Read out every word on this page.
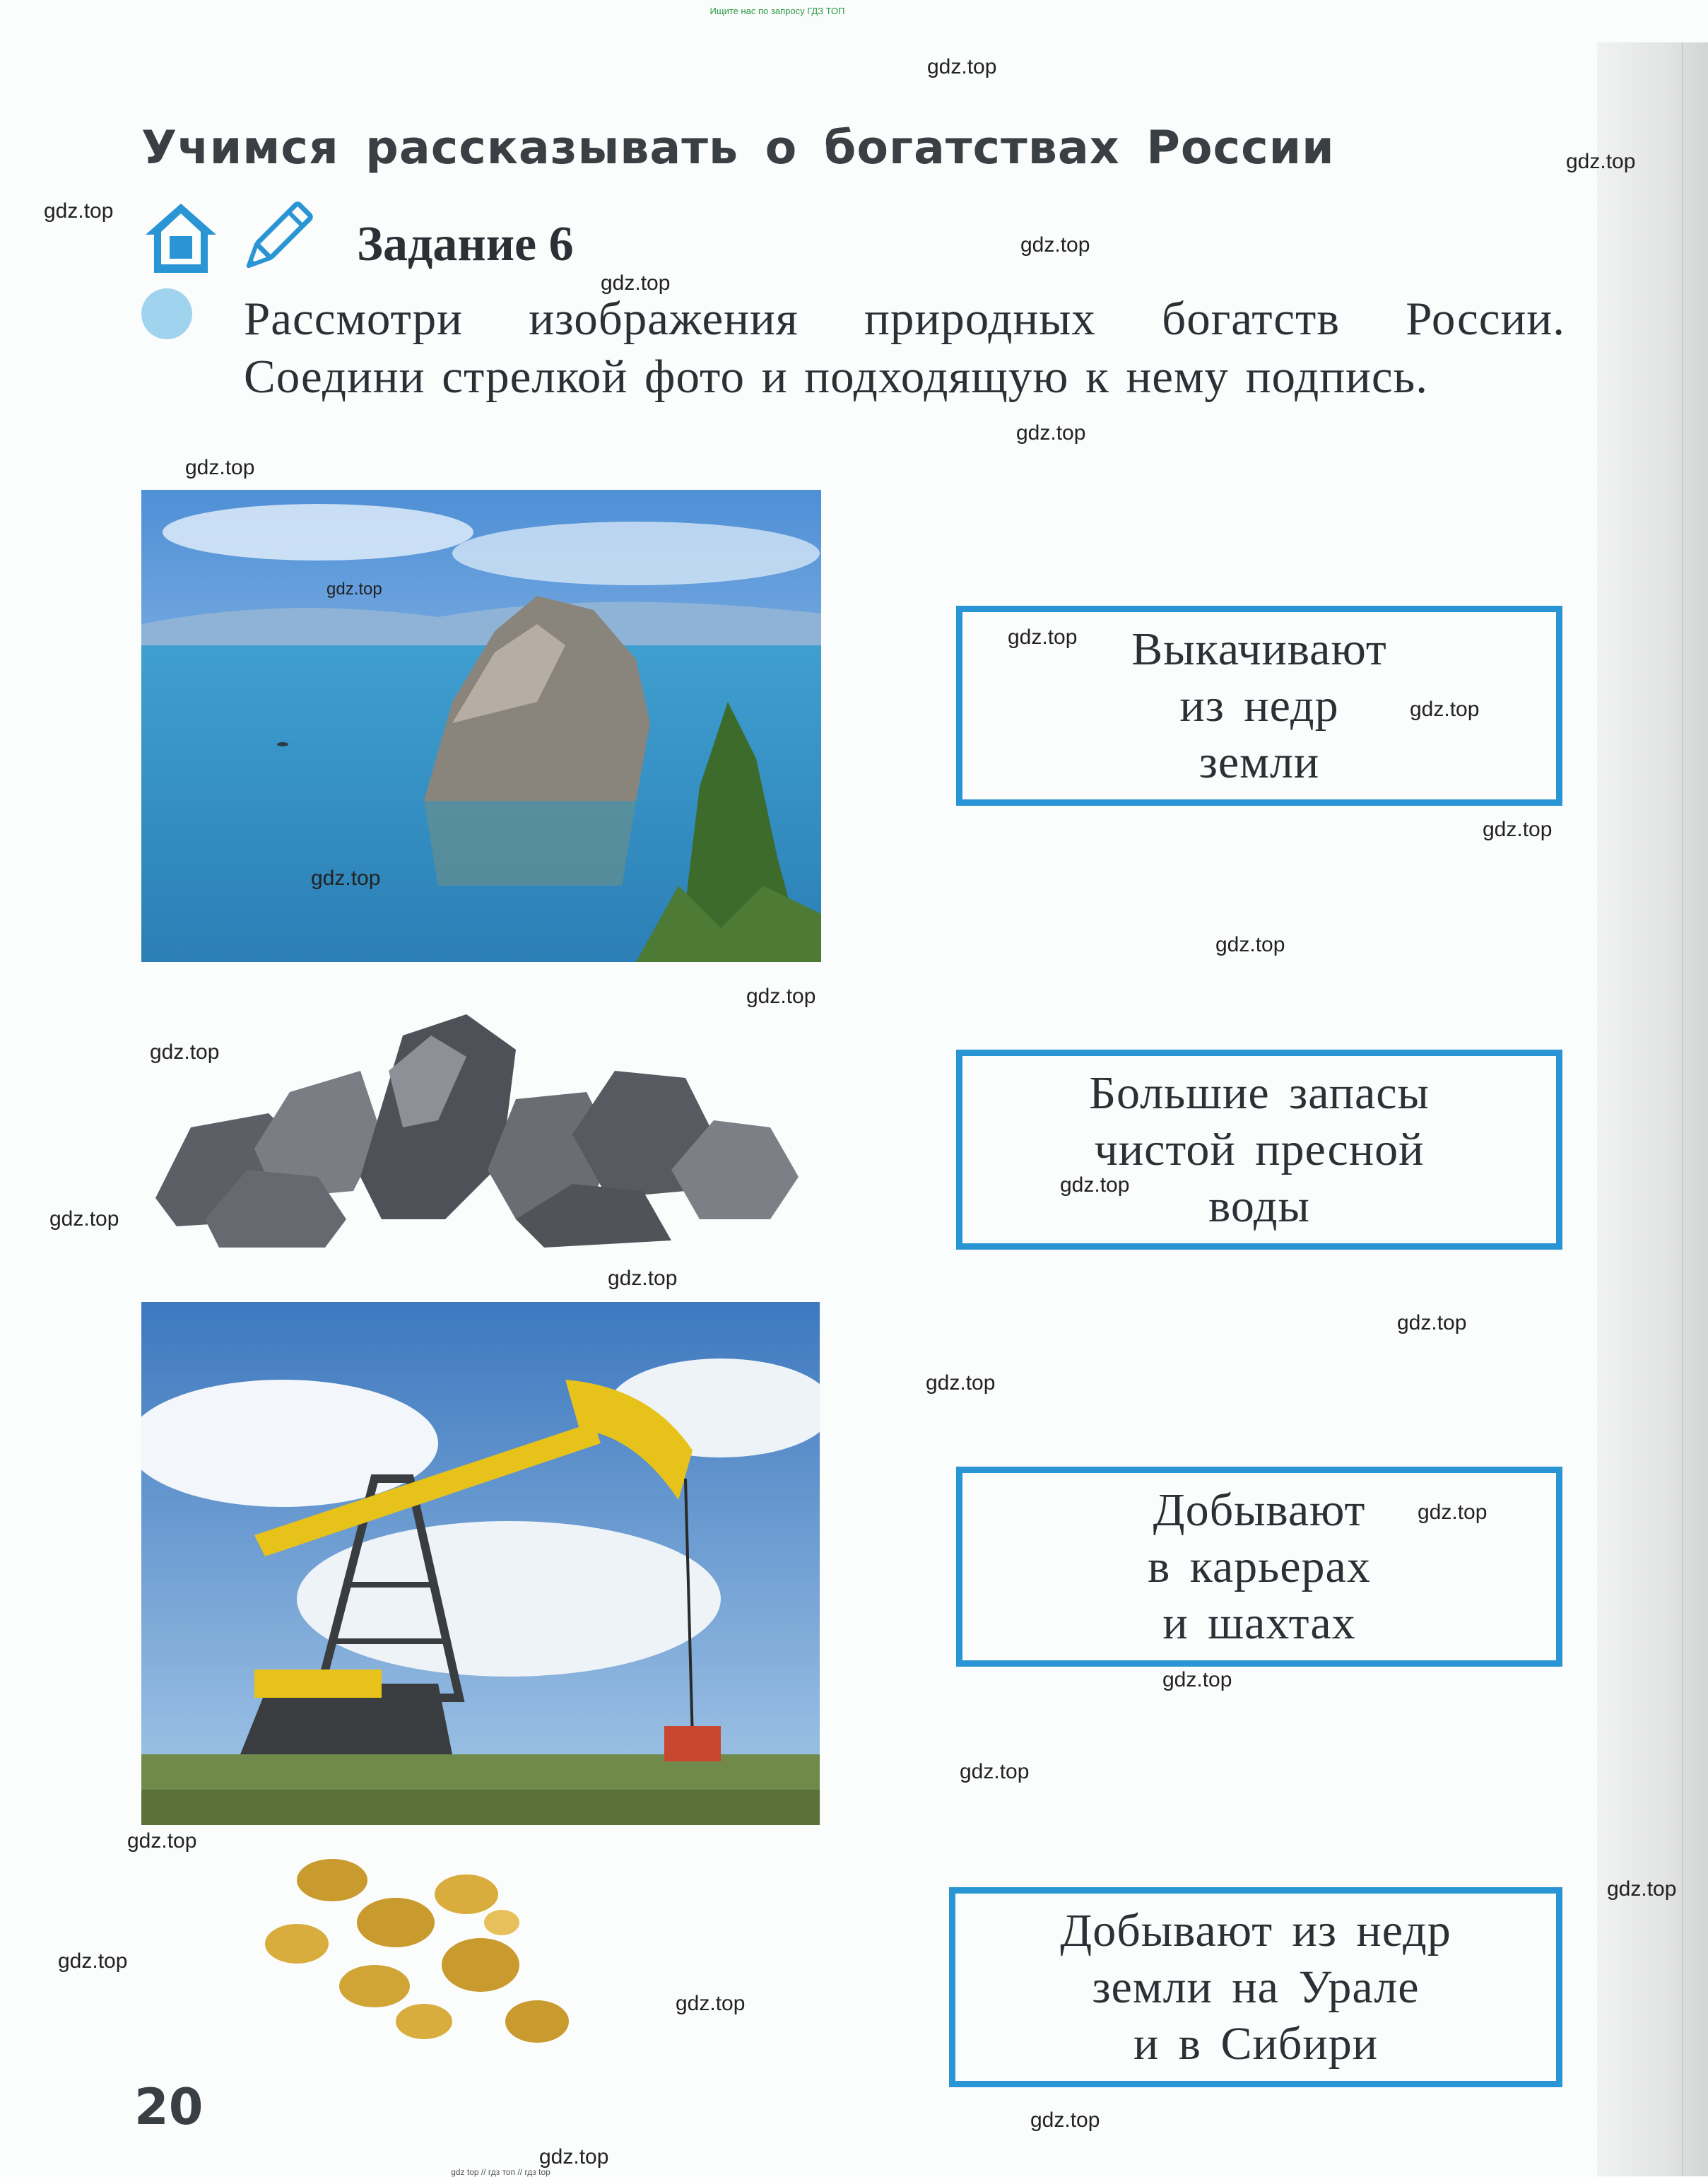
Ищите нас по запросу ГДЗ ТОП
Учимся рассказывать о богатствах России
Задание 6
Рассмотри изображения природных богатств России. Соедини стрелкой фото и подходящую к нему подпись.
Выкачивают
из недр
земли
Большие запасы
чистой пресной
воды
Добывают
в карьерах
и шахтах
Добывают из недр
земли на Урале
и в Сибири
20
gdz top // гдз топ // гдз top
gdz.top
gdz.top
gdz.top
gdz.top
gdz.top
gdz.top
gdz.top
gdz.top
gdz.top
gdz.top
gdz.top
gdz.top
gdz.top
gdz.top
gdz.top
gdz.top
gdz.top
gdz.top
gdz.top
gdz.top
gdz.top
gdz.top
gdz.top
gdz.top
gdz.top
gdz.top
gdz.top
gdz.top
gdz.top
